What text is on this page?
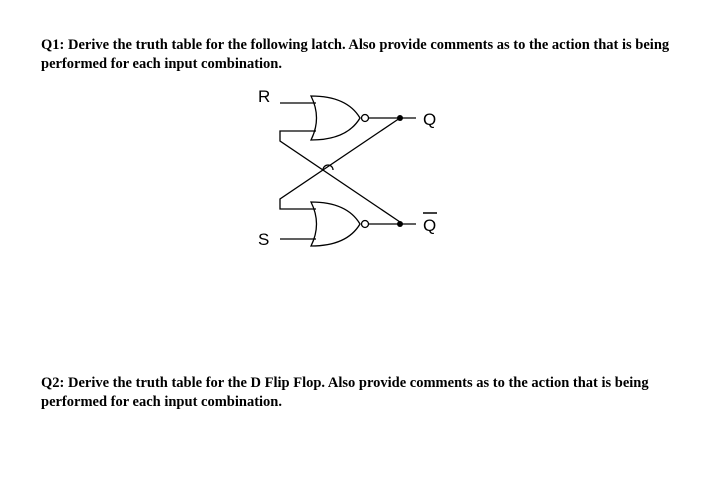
Q1: Derive the truth table for the following latch. Also provide comments as to the action that is being performed for each input combination.
R
S
Q
Q
Q2: Derive the truth table for the D Flip Flop. Also provide comments as to the action that is being performed for each input combination.
